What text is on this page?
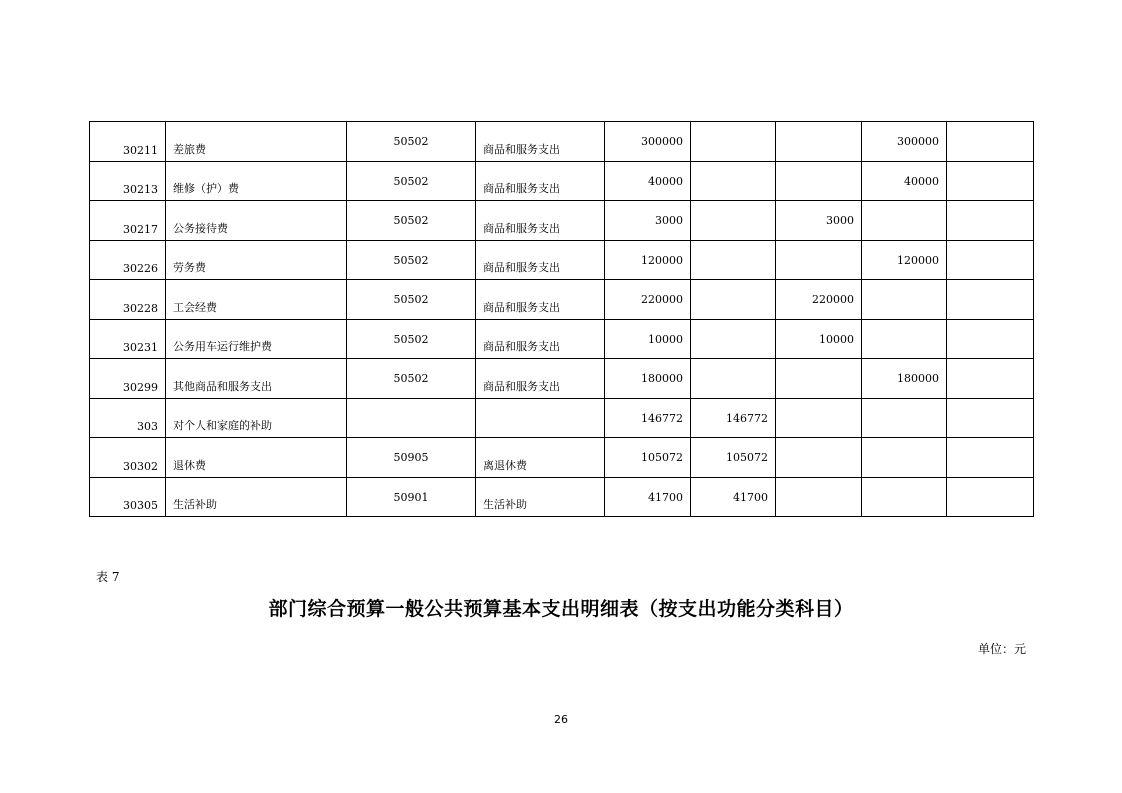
30211	差旅费	50502	商品和服务支出	300000			300000	

30213	维修（护）费	50502	商品和服务支出	40000			40000	

30217	公务接待费	50502	商品和服务支出	3000		3000		

30226	劳务费	50502	商品和服务支出	120000			120000	

30228	工会经费	50502	商品和服务支出	220000		220000		

30231	公务用车运行维护费	50502	商品和服务支出	10000		10000		

30299	其他商品和服务支出	50502	商品和服务支出	180000			180000	

303	对个人和家庭的补助			146772	146772			

30302	退休费	50905	离退休费	105072	105072			

30305	生活补助	50901	生活补助	41700	41700			

表 7
部门综合预算一般公共预算基本支出明细表（按支出功能分类科目）
单位：元
26
